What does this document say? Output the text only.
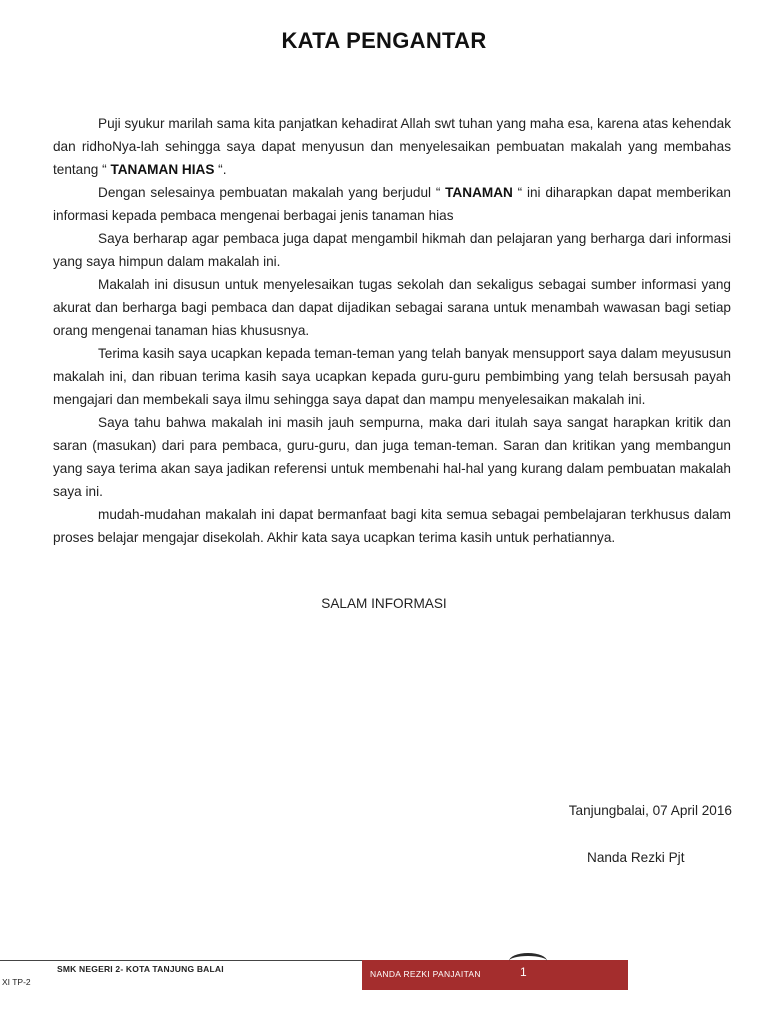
KATA PENGANTAR

Puji syukur marilah sama kita panjatkan kehadirat Allah swt tuhan yang maha esa, karena atas kehendak dan ridhoNya-lah sehingga saya dapat menyusun dan menyelesaikan pembuatan makalah yang membahas tentang “ TANAMAN HIAS “.

Dengan selesainya pembuatan makalah yang berjudul “ TANAMAN “ ini diharapkan dapat memberikan informasi kepada pembaca mengenai berbagai jenis tanaman hias

Saya berharap agar pembaca juga dapat mengambil hikmah dan pelajaran yang berharga dari informasi yang saya himpun dalam makalah ini.

Makalah ini disusun untuk menyelesaikan tugas sekolah dan sekaligus sebagai sumber informasi yang akurat dan berharga bagi pembaca dan dapat dijadikan sebagai sarana untuk menambah wawasan bagi setiap orang mengenai tanaman hias khususnya.

Terima kasih saya ucapkan kepada teman-teman yang telah banyak mensupport saya dalam meyususun makalah ini, dan ribuan terima kasih saya ucapkan kepada guru-guru pembimbing yang telah bersusah payah mengajari dan membekali saya ilmu sehingga saya dapat dan mampu menyelesaikan makalah ini.

Saya tahu bahwa makalah ini masih jauh sempurna, maka dari itulah saya sangat harapkan kritik dan saran (masukan) dari para pembaca, guru-guru, dan juga teman-teman. Saran dan kritikan yang membangun yang saya terima akan saya jadikan referensi untuk membenahi hal-hal yang kurang dalam pembuatan makalah saya ini.

mudah-mudahan makalah ini dapat bermanfaat bagi kita semua sebagai pembelajaran terkhusus dalam proses belajar mengajar disekolah. Akhir kata saya ucapkan terima kasih untuk perhatiannya.

SALAM INFORMASI
Tanjungbalai, 07 April 2016
Nanda Rezki Pjt
SMK NEGERI 2- KOTA TANJUNG BALAI
XI TP-2
NANDA REZKI PANJAITAN	1
